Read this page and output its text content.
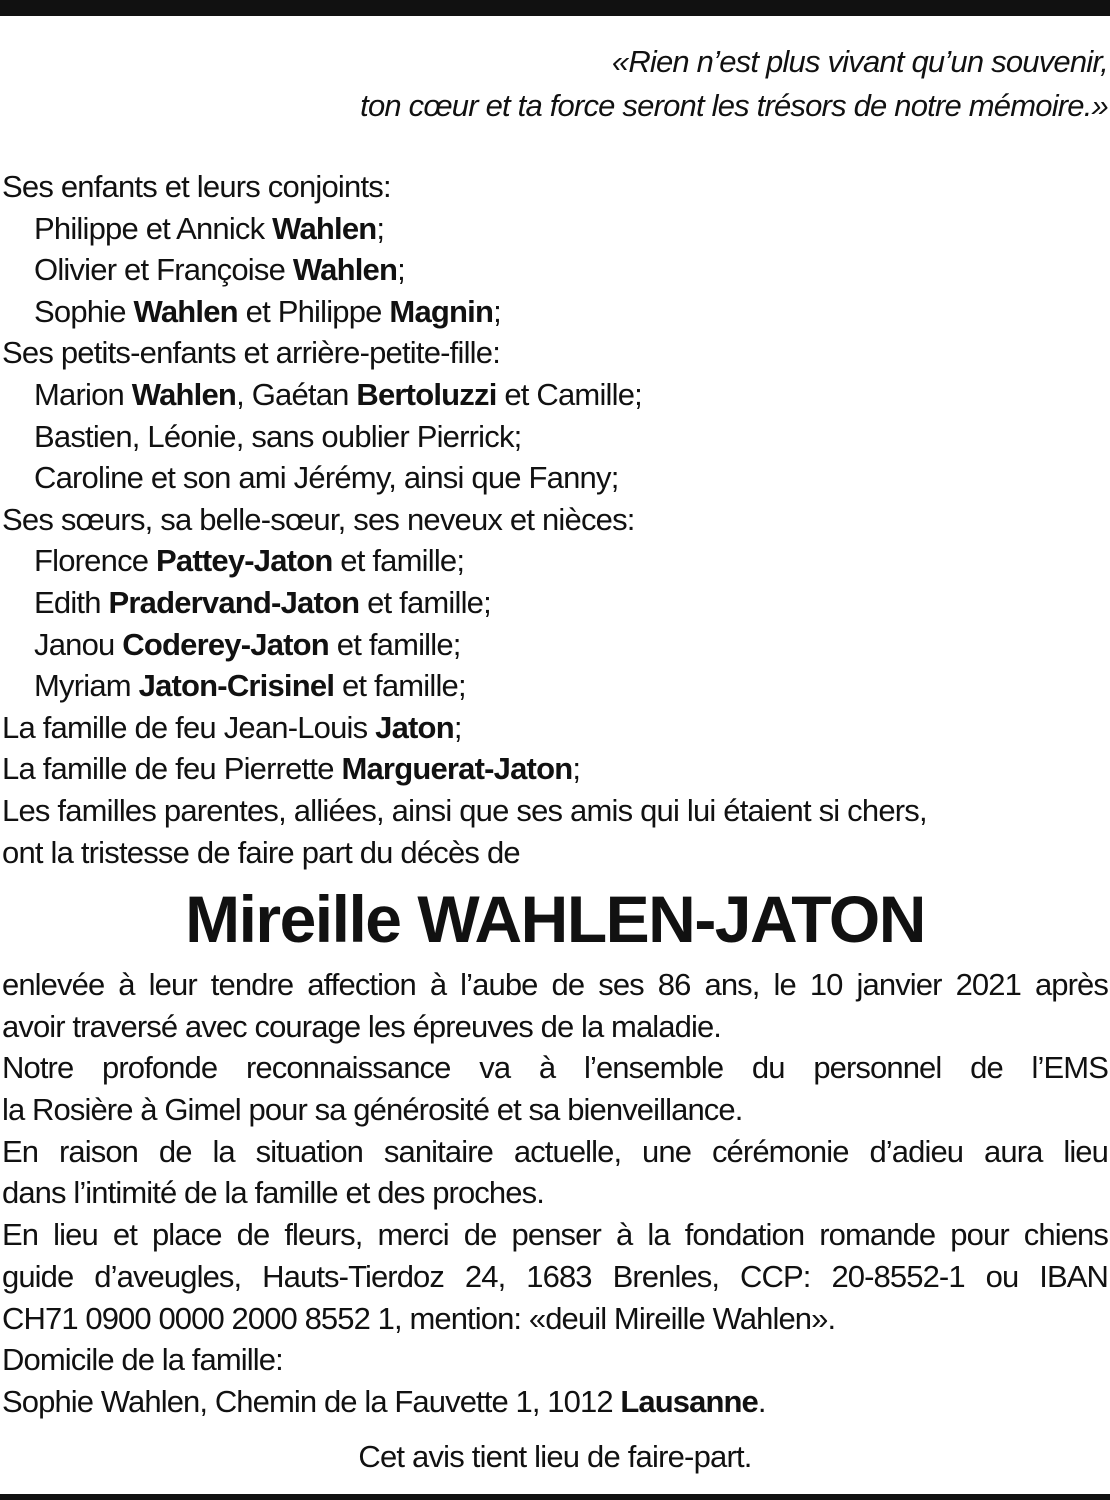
«Rien n’est plus vivant qu’un souvenir,
ton cœur et ta force seront les trésors de notre mémoire.»
Ses enfants et leurs conjoints:
Philippe et Annick Wahlen;
Olivier et Françoise Wahlen;
Sophie Wahlen et Philippe Magnin;
Ses petits-enfants et arrière-petite-fille:
Marion Wahlen, Gaétan Bertoluzzi et Camille;
Bastien, Léonie, sans oublier Pierrick;
Caroline et son ami Jérémy, ainsi que Fanny;
Ses sœurs, sa belle-sœur, ses neveux et nièces:
Florence Pattey-Jaton et famille;
Edith Pradervand-Jaton et famille;
Janou Coderey-Jaton et famille;
Myriam Jaton-Crisinel et famille;
La famille de feu Jean-Louis Jaton;
La famille de feu Pierrette Marguerat-Jaton;
Les familles parentes, alliées, ainsi que ses amis qui lui étaient si chers,
ont la tristesse de faire part du décès de
Mireille WAHLEN-JATON
enlevée à leur tendre affection à l’aube de ses 86 ans, le 10 janvier 2021 après
avoir traversé avec courage les épreuves de la maladie.
Notre profonde reconnaissance va à l’ensemble du personnel de l’EMS
la Rosière à Gimel pour sa générosité et sa bienveillance.
En raison de la situation sanitaire actuelle, une cérémonie d’adieu aura lieu
dans l’intimité de la famille et des proches.
En lieu et place de fleurs, merci de penser à la fondation romande pour chiens
guide d’aveugles, Hauts-Tierdoz 24, 1683 Brenles, CCP: 20-8552-1 ou IBAN
CH71 0900 0000 2000 8552 1, mention: «deuil Mireille Wahlen».
Domicile de la famille:
Sophie Wahlen, Chemin de la Fauvette 1, 1012 Lausanne.
Cet avis tient lieu de faire-part.
